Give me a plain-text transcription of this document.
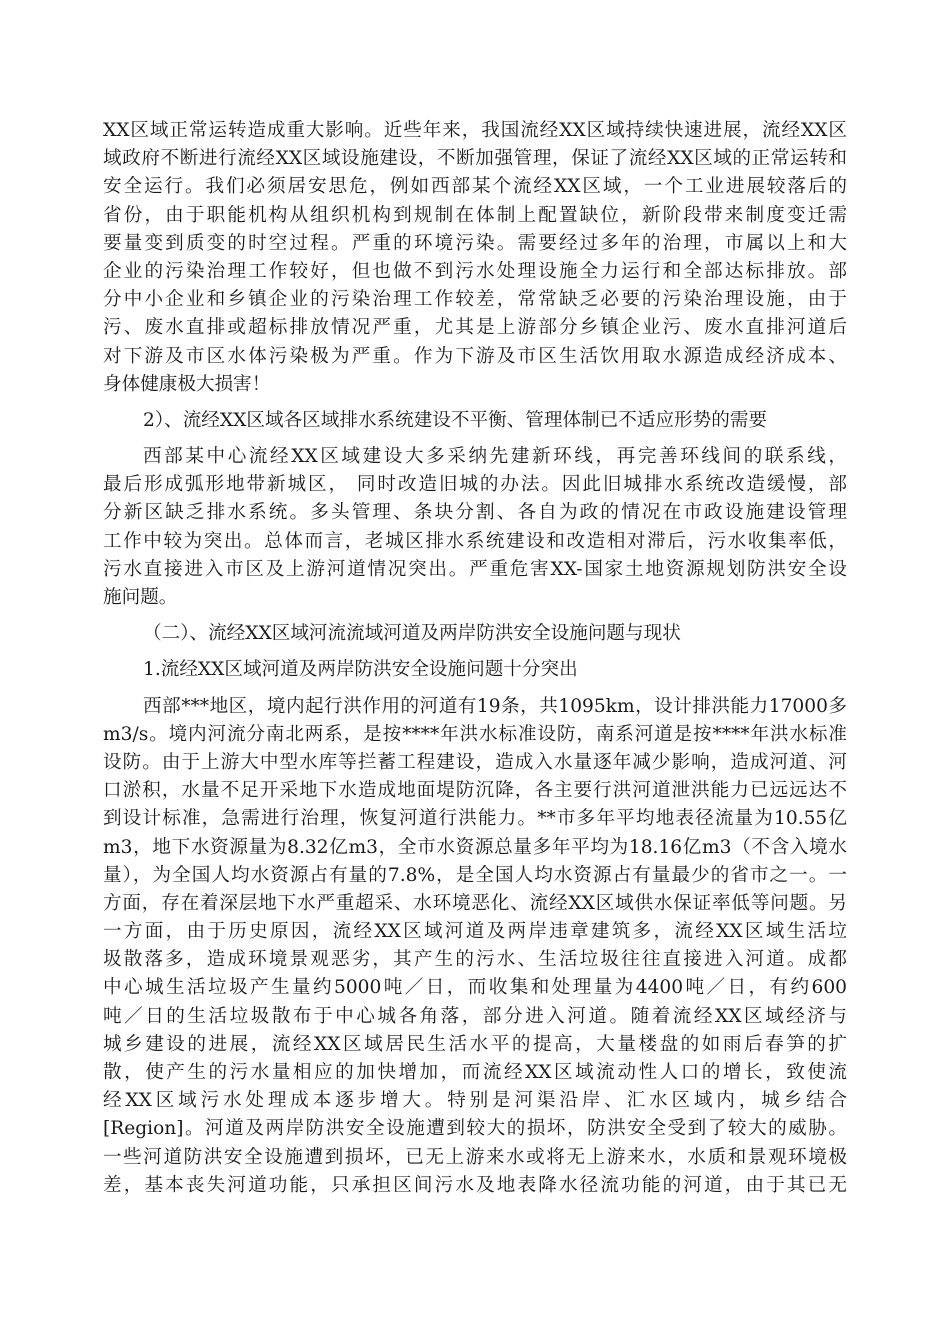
XX区域正常运转造成重大影响。近些年来，我国流经XX区域持续快速进展，流经XX区
域政府不断进行流经XX区域设施建设，不断加强管理，保证了流经XX区域的正常运转和
安全运行。我们必须居安思危，例如西部某个流经XX区域，一个工业进展较落后的
省份，由于职能机构从组织机构到规制在体制上配置缺位，新阶段带来制度变迁需
要量变到质变的时空过程。严重的环境污染。需要经过多年的治理，市属以上和大
企业的污染治理工作较好，但也做不到污水处理设施全力运行和全部达标排放。部
分中小企业和乡镇企业的污染治理工作较差，常常缺乏必要的污染治理设施，由于
污、废水直排或超标排放情况严重，尤其是上游部分乡镇企业污、废水直排河道后
对下游及市区水体污染极为严重。作为下游及市区生活饮用取水源造成经济成本、
身体健康极大损害！
2）、流经XX区域各区域排水系统建设不平衡、管理体制已不适应形势的需要
西部某中心流经XX区域建设大多采纳先建新环线，再完善环线间的联系线，
最后形成弧形地带新城区， 同时改造旧城的办法。因此旧城排水系统改造缓慢，部
分新区缺乏排水系统。多头管理、条块分割、各自为政的情况在市政设施建设管理
工作中较为突出。总体而言，老城区排水系统建设和改造相对滞后，污水收集率低，
污水直接进入市区及上游河道情况突出。严重危害XX-国家土地资源规划防洪安全设
施问题。
（二）、流经XX区域河流流域河道及两岸防洪安全设施问题与现状
1.流经XX区域河道及两岸防洪安全设施问题十分突出
西部***地区，境内起行洪作用的河道有19条，共1095km，设计排洪能力17000多
m3/s。境内河流分南北两系，是按****年洪水标准设防，南系河道是按****年洪水标准
设防。由于上游大中型水库等拦蓄工程建设，造成入水量逐年减少影响，造成河道、河
口淤积，水量不足开采地下水造成地面堤防沉降，各主要行洪河道泄洪能力已远远达不
到设计标准，急需进行治理，恢复河道行洪能力。**市多年平均地表径流量为10.55亿
m3，地下水资源量为8.32亿m3，全市水资源总量多年平均为18.16亿m3（不含入境水
量），为全国人均水资源占有量的7.8%，是全国人均水资源占有量最少的省市之一。一
方面，存在着深层地下水严重超采、水环境恶化、流经XX区域供水保证率低等问题。另
一方面，由于历史原因，流经XX区域河道及两岸违章建筑多，流经XX区域生活垃
圾散落多，造成环境景观恶劣，其产生的污水、生活垃圾往往直接进入河道。成都
中心城生活垃圾产生量约5000吨／日，而收集和处理量为4400吨／日，有约600
吨／日的生活垃圾散布于中心城各角落，部分进入河道。随着流经XX区域经济与
城乡建设的进展，流经XX区域居民生活水平的提高，大量楼盘的如雨后春笋的扩
散，使产生的污水量相应的加快增加，而流经XX区域流动性人口的增长，致使流
经XX区域污水处理成本逐步增大。特别是河渠沿岸、汇水区域内，城乡结合
[Region]。河道及两岸防洪安全设施遭到较大的损坏，防洪安全受到了较大的威胁。
一些河道防洪安全设施遭到损坏，已无上游来水或将无上游来水，水质和景观环境极
差，基本丧失河道功能，只承担区间污水及地表降水径流功能的河道，由于其已无
